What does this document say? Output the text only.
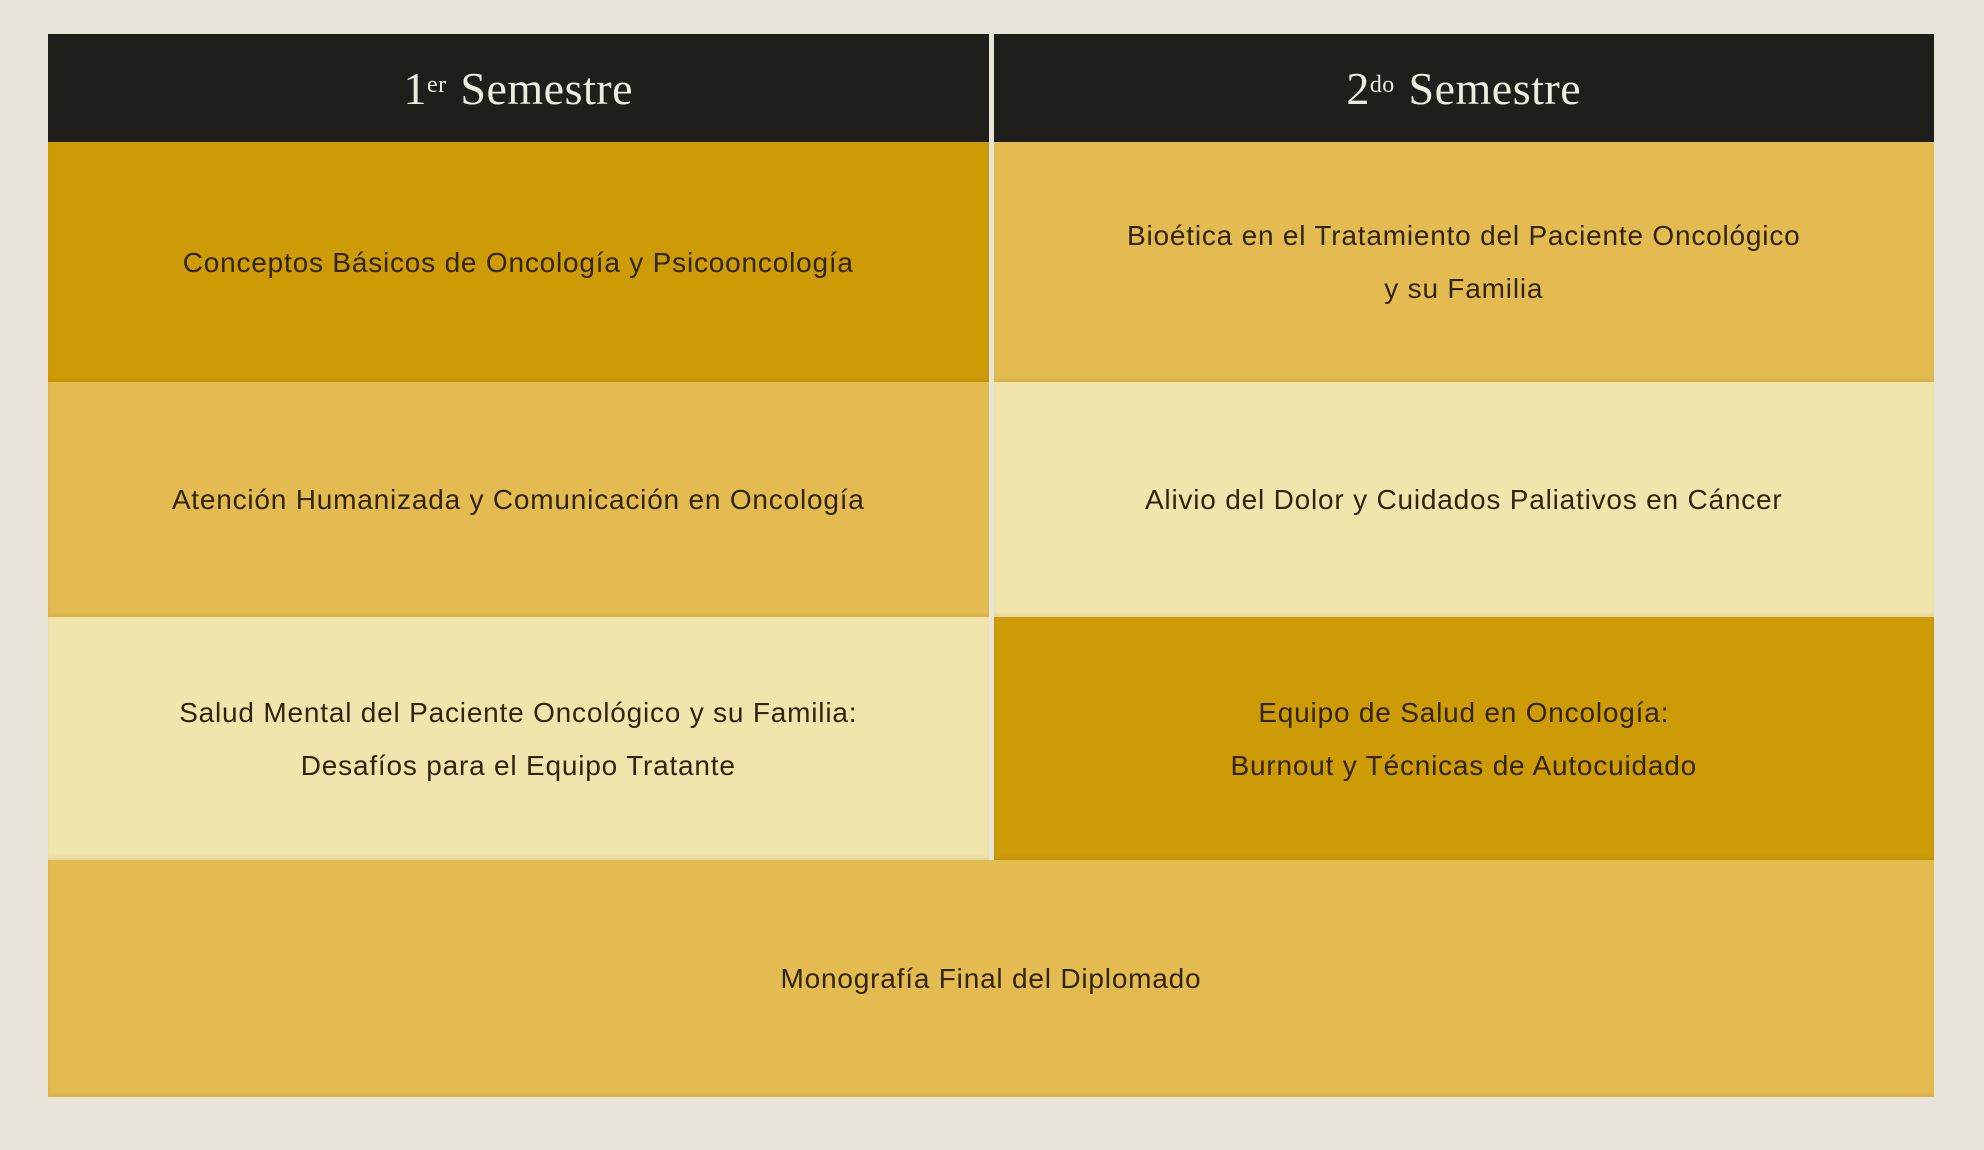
1er Semestre	$2^{do}$ Semestre
Conceptos Básicos de Oncología y Psicooncología
Bioética en el Tratamiento del Paciente Oncológico
y su Familia
Atención Humanizada y Comunicación en Oncología	Alivio del Dolor y Cuidados Paliativos en Cáncer
Salud Mental del Paciente Oncológico y su Familia:
Desafíos para el Equipo Tratante
Equipo de Salud en Oncología:
Burnout y Técnicas de Autocuidado
Monografía Final del Diplomado
